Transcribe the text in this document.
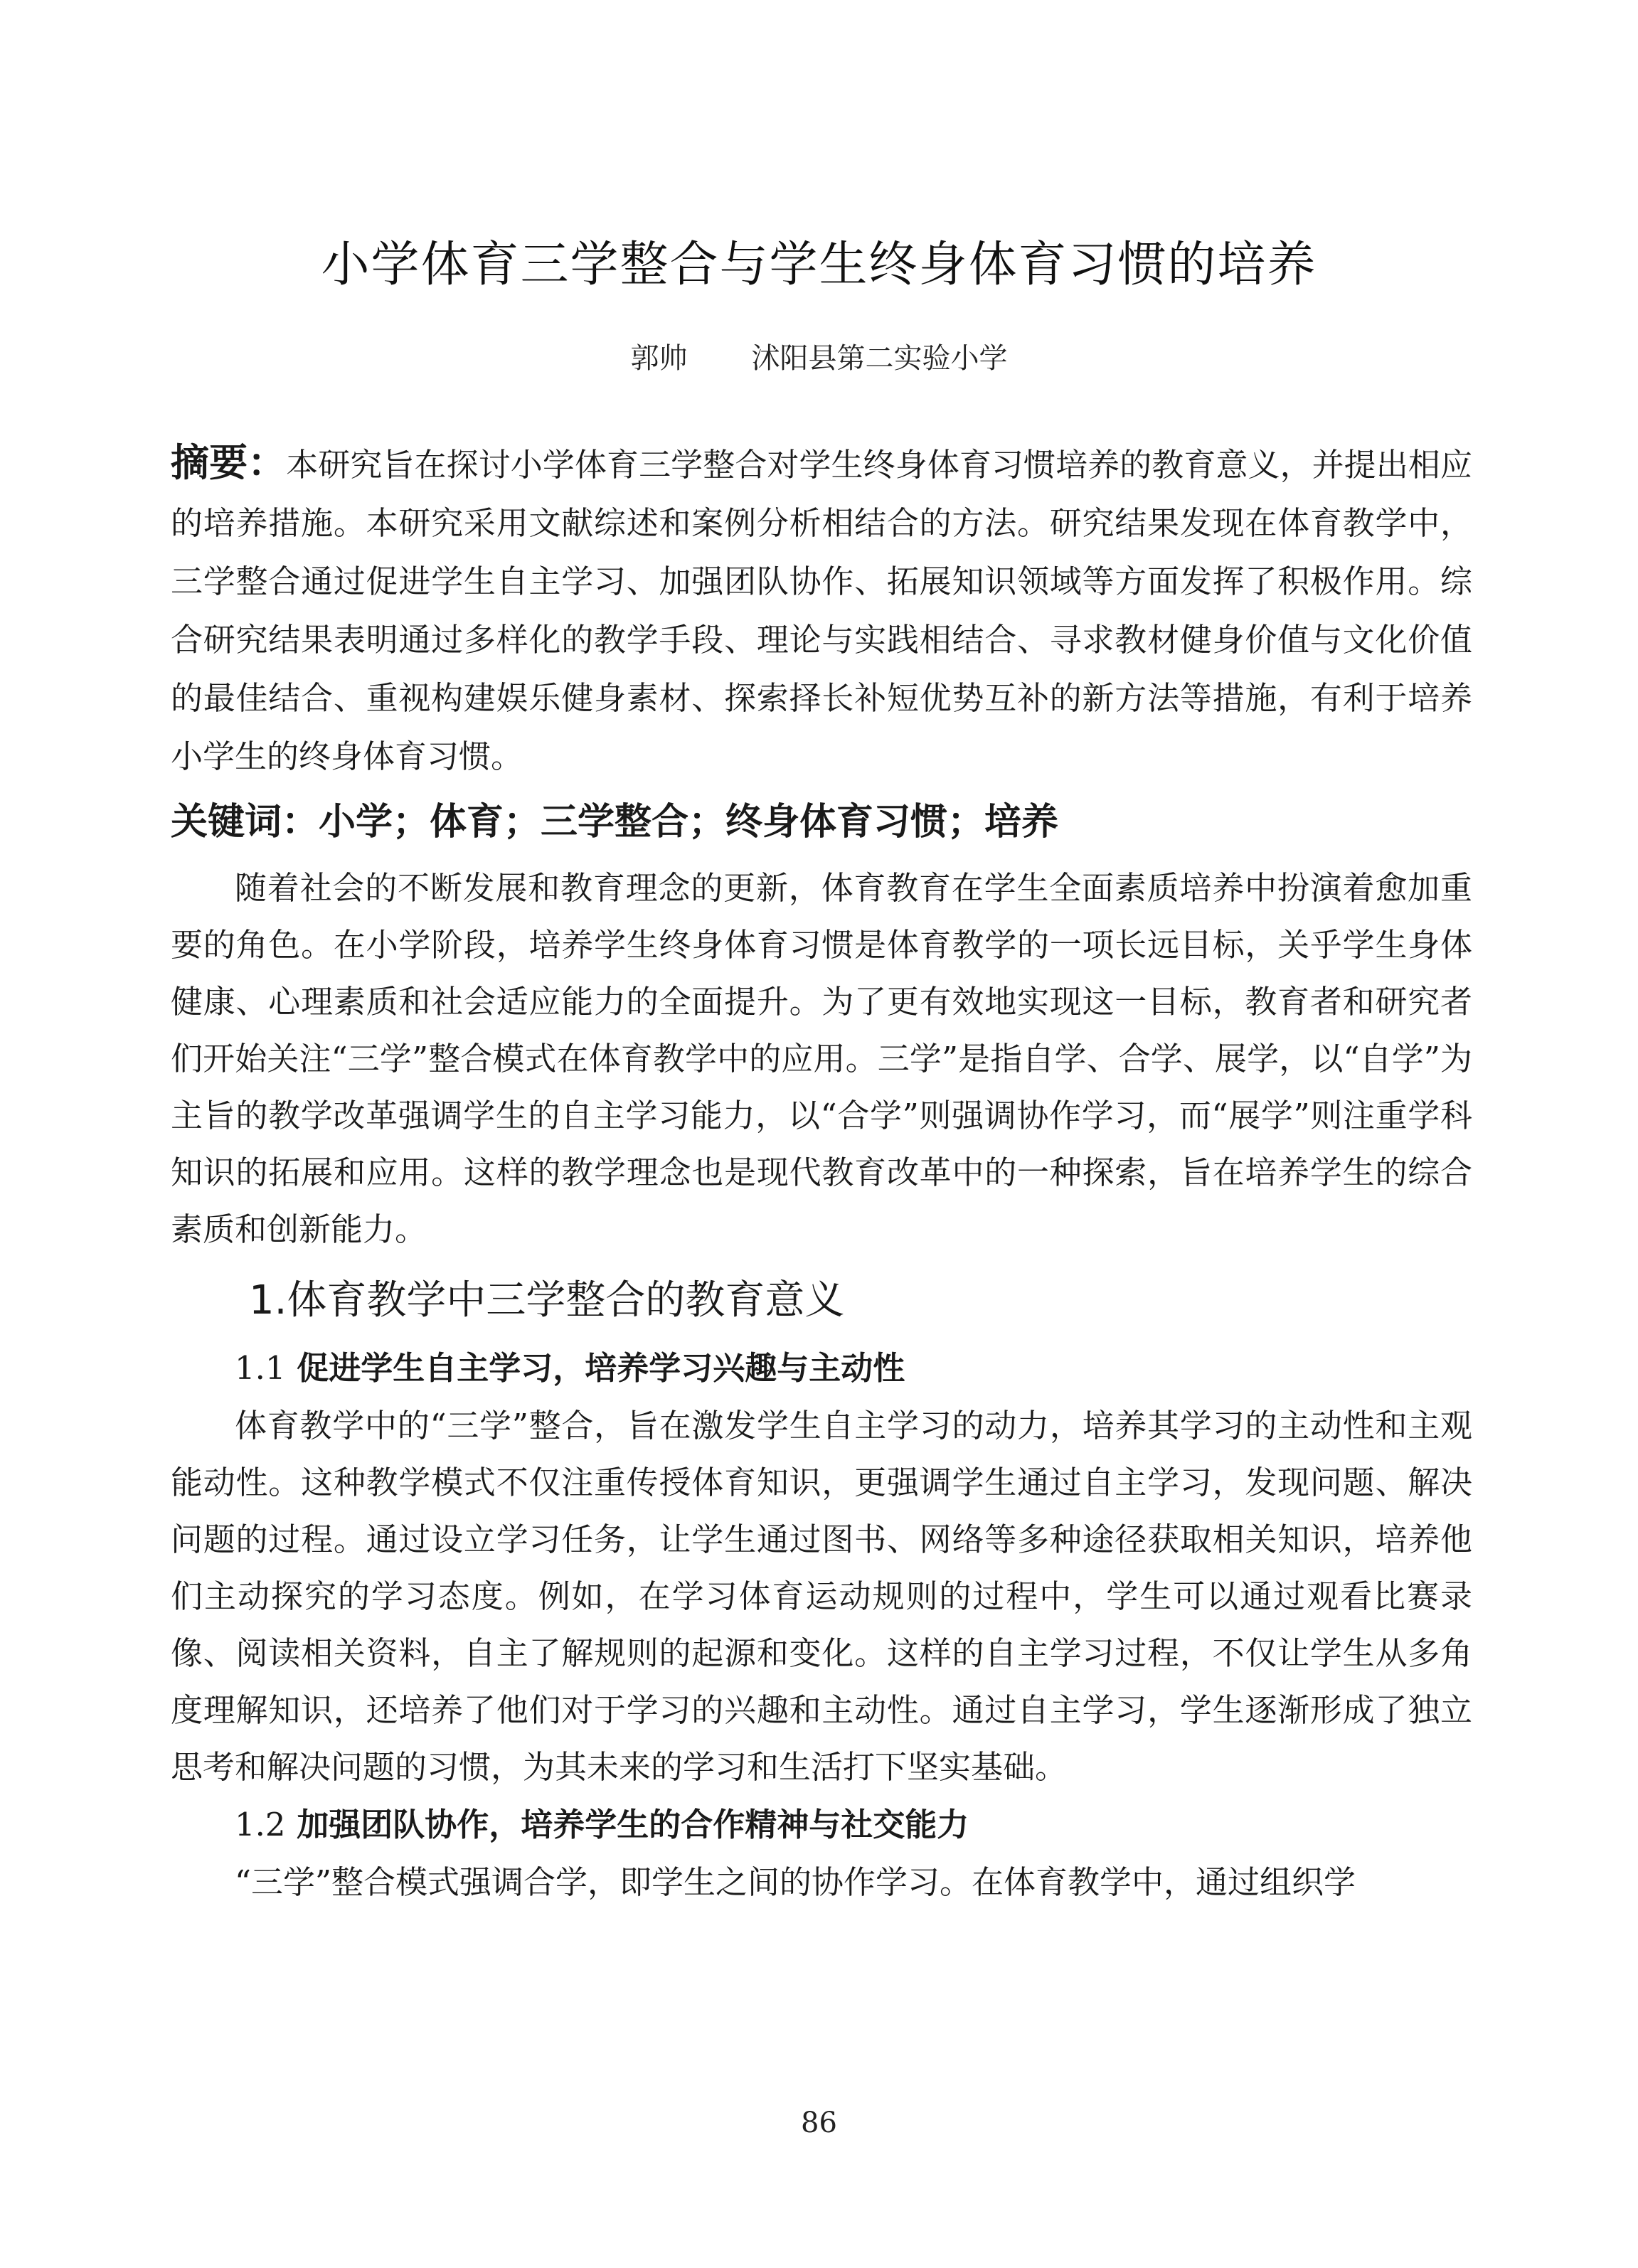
小学体育三学整合与学生终身体育习惯的培养
郭帅 沭阳县第二实验小学

摘要：本研究旨在探讨小学体育三学整合对学生终身体育习惯培养的教育意义，并提出相应的培养措施。本研究采用文献综述和案例分析相结合的方法。研究结果发现在体育教学中，三学整合通过促进学生自主学习、加强团队协作、拓展知识领域等方面发挥了积极作用。综合研究结果表明通过多样化的教学手段、理论与实践相结合、寻求教材健身价值与文化价值的最佳结合、重视构建娱乐健身素材、探索择长补短优势互补的新方法等措施，有利于培养小学生的终身体育习惯。

关键词：小学；体育；三学整合；终身体育习惯；培养

随着社会的不断发展和教育理念的更新，体育教育在学生全面素质培养中扮演着愈加重要的角色。在小学阶段，培养学生终身体育习惯是体育教学的一项长远目标，关乎学生身体健康、心理素质和社会适应能力的全面提升。为了更有效地实现这一目标，教育者和研究者们开始关注“三学”整合模式在体育教学中的应用。三学”是指自学、合学、展学，以“自学”为主旨的教学改革强调学生的自主学习能力，以“合学”则强调协作学习，而“展学”则注重学科知识的拓展和应用。这样的教学理念也是现代教育改革中的一种探索，旨在培养学生的综合素质和创新能力。

1.体育教学中三学整合的教育意义
1.1 促进学生自主学习，培养学习兴趣与主动性

体育教学中的“三学”整合，旨在激发学生自主学习的动力，培养其学习的主动性和主观能动性。这种教学模式不仅注重传授体育知识，更强调学生通过自主学习，发现问题、解决问题的过程。通过设立学习任务，让学生通过图书、网络等多种途径获取相关知识，培养他们主动探究的学习态度。例如，在学习体育运动规则的过程中，学生可以通过观看比赛录像、阅读相关资料，自主了解规则的起源和变化。这样的自主学习过程，不仅让学生从多角度理解知识，还培养了他们对于学习的兴趣和主动性。通过自主学习，学生逐渐形成了独立思考和解决问题的习惯，为其未来的学习和生活打下坚实基础。

1.2 加强团队协作，培养学生的合作精神与社交能力

“三学”整合模式强调合学，即学生之间的协作学习。在体育教学中，通过组织学

86
